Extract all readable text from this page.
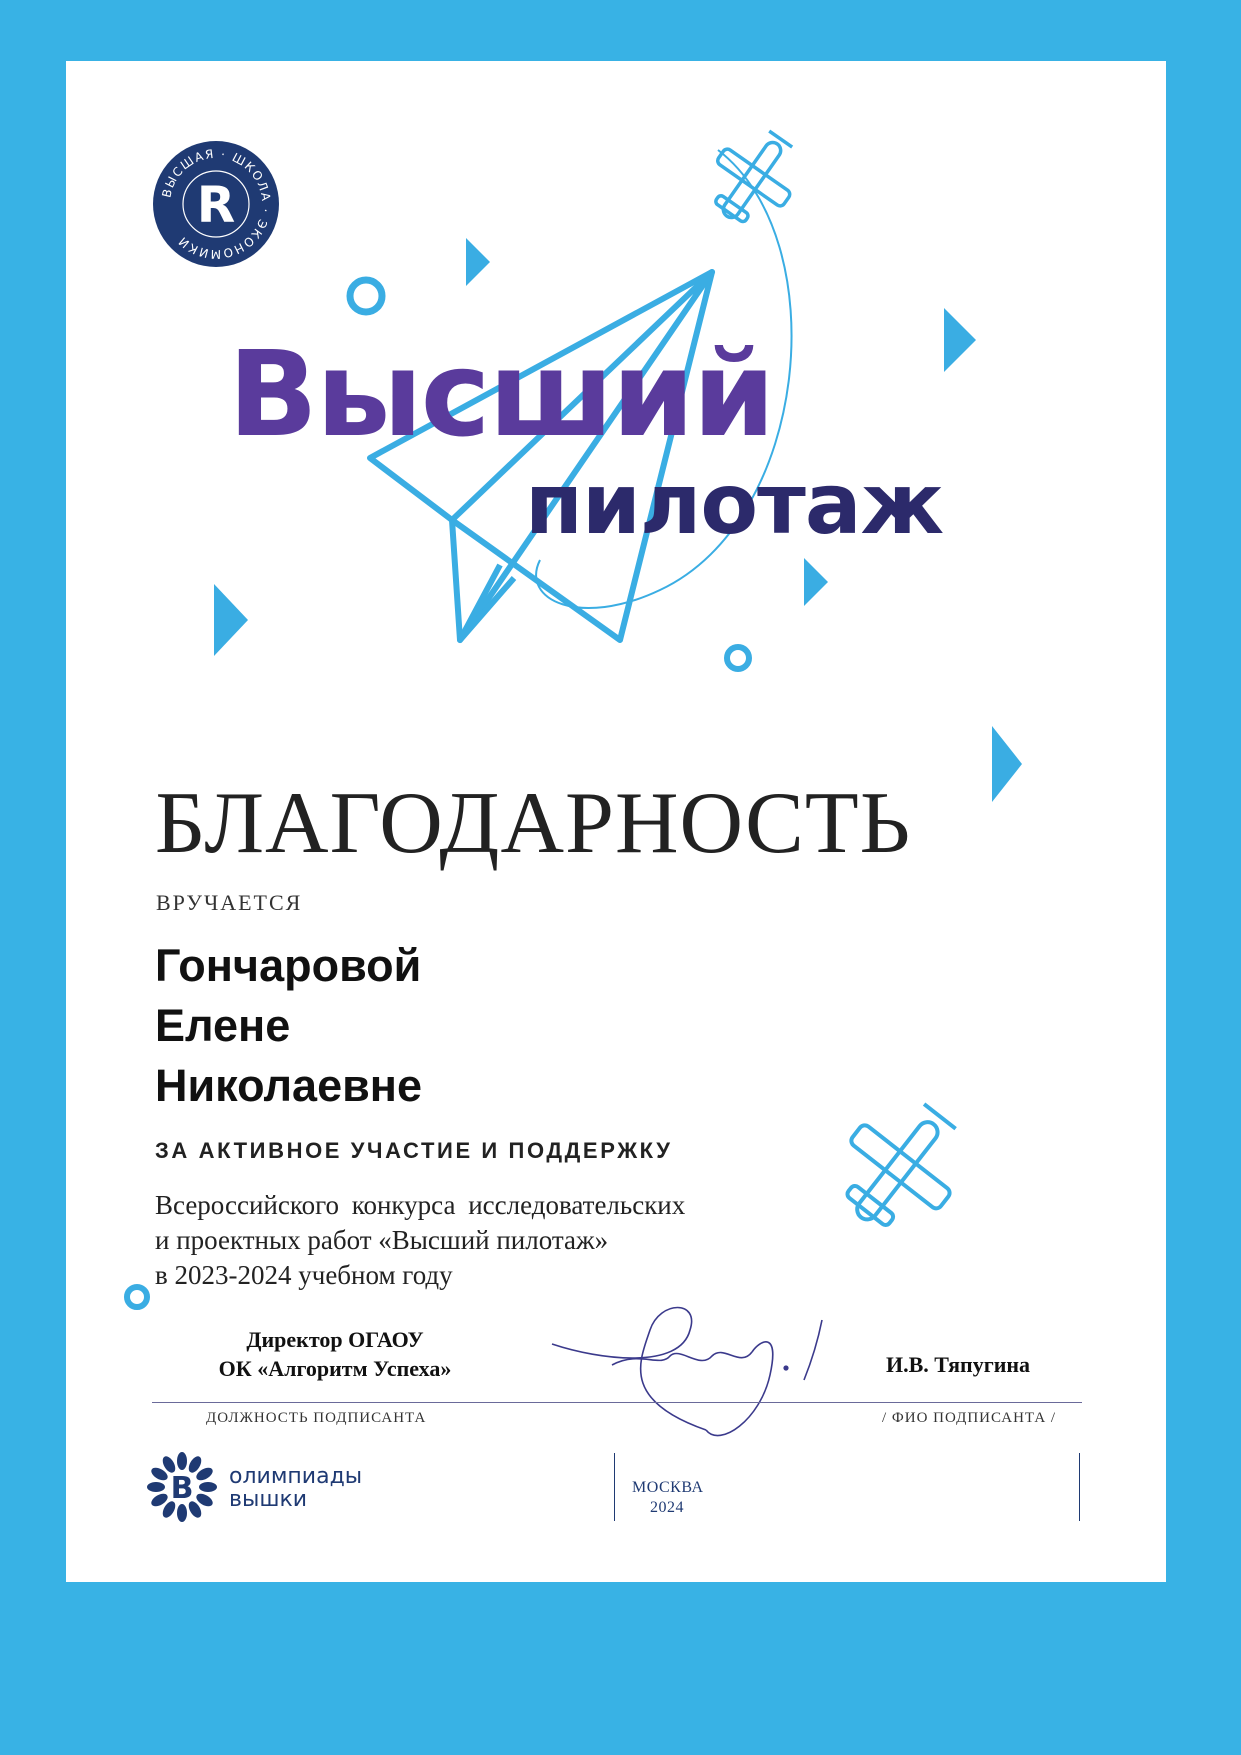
ВЫСШАЯ · ШКОЛА · ЭКОНОМИКИ
R
B
Высший
пилотаж
БЛАГОДАРНОСТЬ
ВРУЧАЕТСЯ
Гончаровой
Елене
Николаевне
ЗА АКТИВНОЕ УЧАСТИЕ И ПОДДЕРЖКУ
Всероссийского конкурса исследовательских
и проектных работ «Высший пилотаж»
в 2023-2024 учебном году
Директор ОГАОУ
ОК «Алгоритм Успеха»	И.В. Тяпугина
ДОЛЖНОСТЬ ПОДПИСАНТА	/ ФИО ПОДПИСАНТА /
олимпиады
вышки	МОСКВА
2024
